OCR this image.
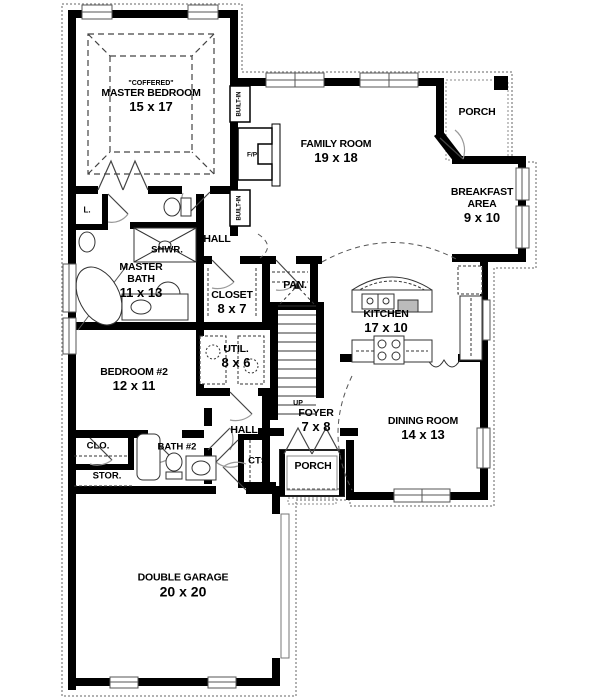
"COFFERED"
MASTER BEDROOM
15 x 17
FAMILY ROOM
19 x 18
PORCH
BREAKFAST
AREA
9 x 10
MASTER
BATH
11 x 13
SHWR.
HALL
CLOSET
8 x 7
PAN.
KITCHEN
17 x 10
BEDROOM #2
12 x 11
UTIL.
8 x 6
UP
FOYER
7 x 8
HALL
DINING ROOM
14 x 13
CLO.	BATH #2
STOR.
CTS. PORCH
DOUBLE GARAGE
20 x 20
F/P
BUILT-IN
BUILT-IN
L.
